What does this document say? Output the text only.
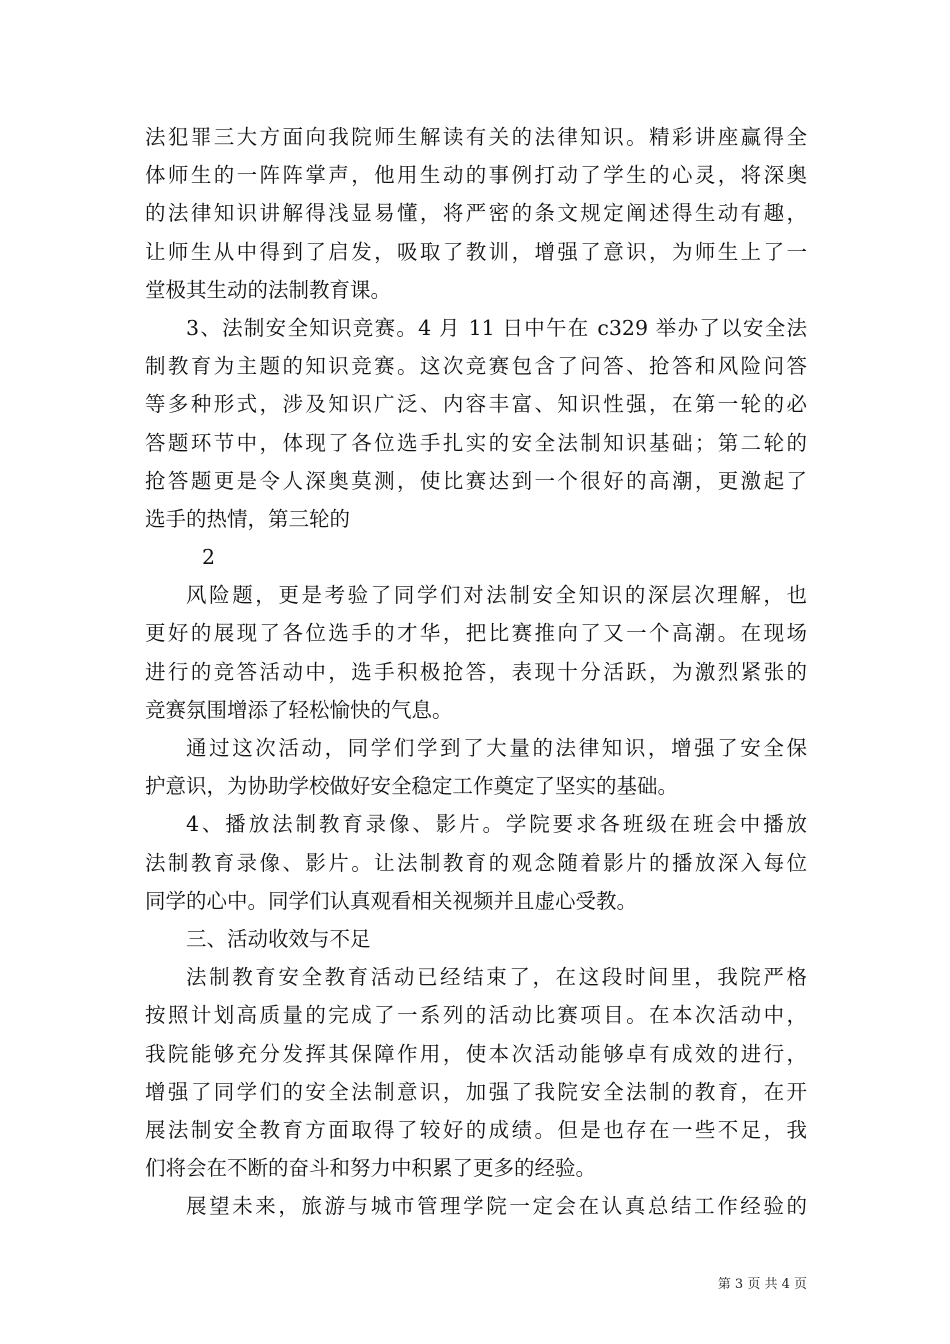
法犯罪三大方面向我院师生解读有关的法律知识。精彩讲座赢得全
体师生的一阵阵掌声，他用生动的事例打动了学生的心灵，将深奥
的法律知识讲解得浅显易懂，将严密的条文规定阐述得生动有趣，
让师生从中得到了启发，吸取了教训，增强了意识，为师生上了一
堂极其生动的法制教育课。
3、法制安全知识竞赛。4 月 11 日中午在 c329 举办了以安全法
制教育为主题的知识竞赛。这次竞赛包含了问答、抢答和风险问答
等多种形式，涉及知识广泛、内容丰富、知识性强，在第一轮的必
答题环节中，体现了各位选手扎实的安全法制知识基础；第二轮的
抢答题更是令人深奥莫测，使比赛达到一个很好的高潮，更激起了
选手的热情，第三轮的
2
风险题，更是考验了同学们对法制安全知识的深层次理解，也
更好的展现了各位选手的才华，把比赛推向了又一个高潮。在现场
进行的竞答活动中，选手积极抢答，表现十分活跃，为激烈紧张的
竞赛氛围增添了轻松愉快的气息。
通过这次活动，同学们学到了大量的法律知识，增强了安全保
护意识，为协助学校做好安全稳定工作奠定了坚实的基础。
4、播放法制教育录像、影片。学院要求各班级在班会中播放
法制教育录像、影片。让法制教育的观念随着影片的播放深入每位
同学的心中。同学们认真观看相关视频并且虚心受教。
三、活动收效与不足
法制教育安全教育活动已经结束了，在这段时间里，我院严格
按照计划高质量的完成了一系列的活动比赛项目。在本次活动中，
我院能够充分发挥其保障作用，使本次活动能够卓有成效的进行，
增强了同学们的安全法制意识，加强了我院安全法制的教育，在开
展法制安全教育方面取得了较好的成绩。但是也存在一些不足，我
们将会在不断的奋斗和努力中积累了更多的经验。
展望未来，旅游与城市管理学院一定会在认真总结工作经验的
第 3 页 共 4 页
